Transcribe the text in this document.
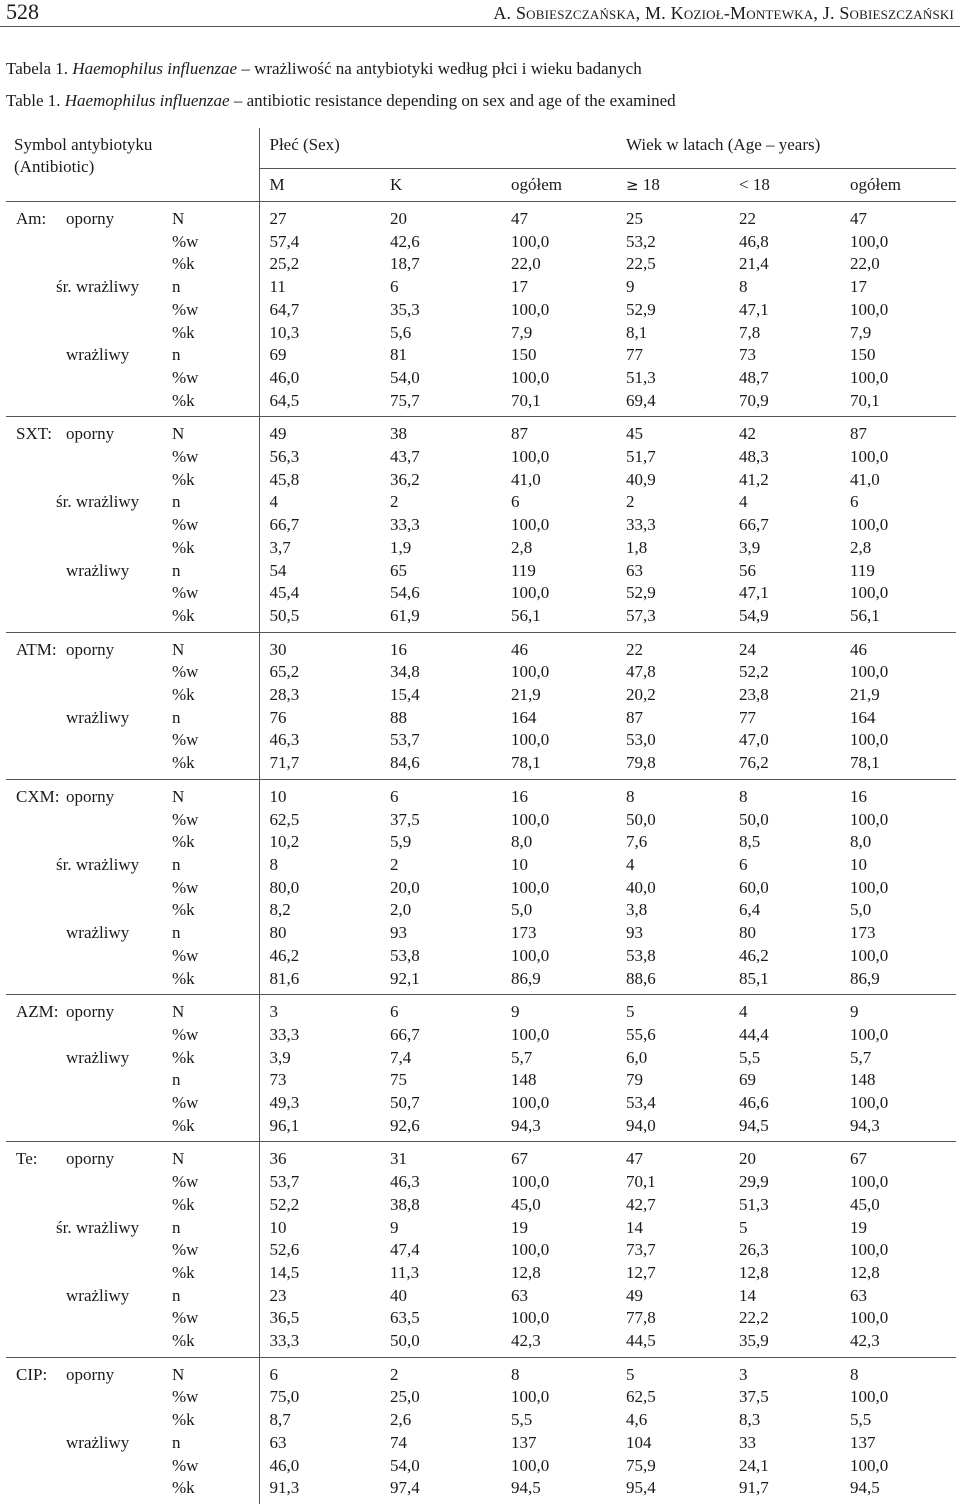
528	A. Sobieszczańska, M. Kozioł-Montewka, J. Sobieszczański
Tabela 1. Haemophilus influenzae – wrażliwość na antybiotyki według płci i wieku badanych
Table 1. Haemophilus influenzae – antibiotic resistance depending on sex and age of the examined
Symbol antybiotyku
(Antibiotic)		Płeć (Sex)			Wiek w latach (Age – years)		
		M	K	ogółem	≥ 18	< 18	ogółem
Am: oporny	N	27	20	47	25	22	47
	%w	57,4	42,6	100,0	53,2	46,8	100,0
	%k	25,2	18,7	22,0	22,5	21,4	22,0
śr. wrażliwy	n	11	6	17	9	8	17
	%w	64,7	35,3	100,0	52,9	47,1	100,0
	%k	10,3	5,6	7,9	8,1	7,8	7,9
wrażliwy	n	69	81	150	77	73	150
	%w	46,0	54,0	100,0	51,3	48,7	100,0
	%k	64,5	75,7	70,1	69,4	70,9	70,1
SXT: oporny	N	49	38	87	45	42	87
	%w	56,3	43,7	100,0	51,7	48,3	100,0
	%k	45,8	36,2	41,0	40,9	41,2	41,0
śr. wrażliwy	n	4	2	6	2	4	6
	%w	66,7	33,3	100,0	33,3	66,7	100,0
	%k	3,7	1,9	2,8	1,8	3,9	2,8
wrażliwy	n	54	65	119	63	56	119
	%w	45,4	54,6	100,0	52,9	47,1	100,0
	%k	50,5	61,9	56,1	57,3	54,9	56,1
ATM: oporny	N	30	16	46	22	24	46
	%w	65,2	34,8	100,0	47,8	52,2	100,0
	%k	28,3	15,4	21,9	20,2	23,8	21,9
wrażliwy	n	76	88	164	87	77	164
	%w	46,3	53,7	100,0	53,0	47,0	100,0
	%k	71,7	84,6	78,1	79,8	76,2	78,1
CXM: oporny	N	10	6	16	8	8	16
	%w	62,5	37,5	100,0	50,0	50,0	100,0
	%k	10,2	5,9	8,0	7,6	8,5	8,0
śr. wrażliwy	n	8	2	10	4	6	10
	%w	80,0	20,0	100,0	40,0	60,0	100,0
	%k	8,2	2,0	5,0	3,8	6,4	5,0
wrażliwy	n	80	93	173	93	80	173
	%w	46,2	53,8	100,0	53,8	46,2	100,0
	%k	81,6	92,1	86,9	88,6	85,1	86,9
AZM: oporny	N	3	6	9	5	4	9
	%w	33,3	66,7	100,0	55,6	44,4	100,0
wrażliwy	%k	3,9	7,4	5,7	6,0	5,5	5,7
	n	73	75	148	79	69	148
	%w	49,3	50,7	100,0	53,4	46,6	100,0
	%k	96,1	92,6	94,3	94,0	94,5	94,3
Te: oporny	N	36	31	67	47	20	67
	%w	53,7	46,3	100,0	70,1	29,9	100,0
	%k	52,2	38,8	45,0	42,7	51,3	45,0
śr. wrażliwy	n	10	9	19	14	5	19
	%w	52,6	47,4	100,0	73,7	26,3	100,0
	%k	14,5	11,3	12,8	12,7	12,8	12,8
wrażliwy	n	23	40	63	49	14	63
	%w	36,5	63,5	100,0	77,8	22,2	100,0
	%k	33,3	50,0	42,3	44,5	35,9	42,3
CIP: oporny	N	6	2	8	5	3	8
	%w	75,0	25,0	100,0	62,5	37,5	100,0
	%k	8,7	2,6	5,5	4,6	8,3	5,5
wrażliwy	n	63	74	137	104	33	137
	%w	46,0	54,0	100,0	75,9	24,1	100,0
	%k	91,3	97,4	94,5	95,4	91,7	94,5
